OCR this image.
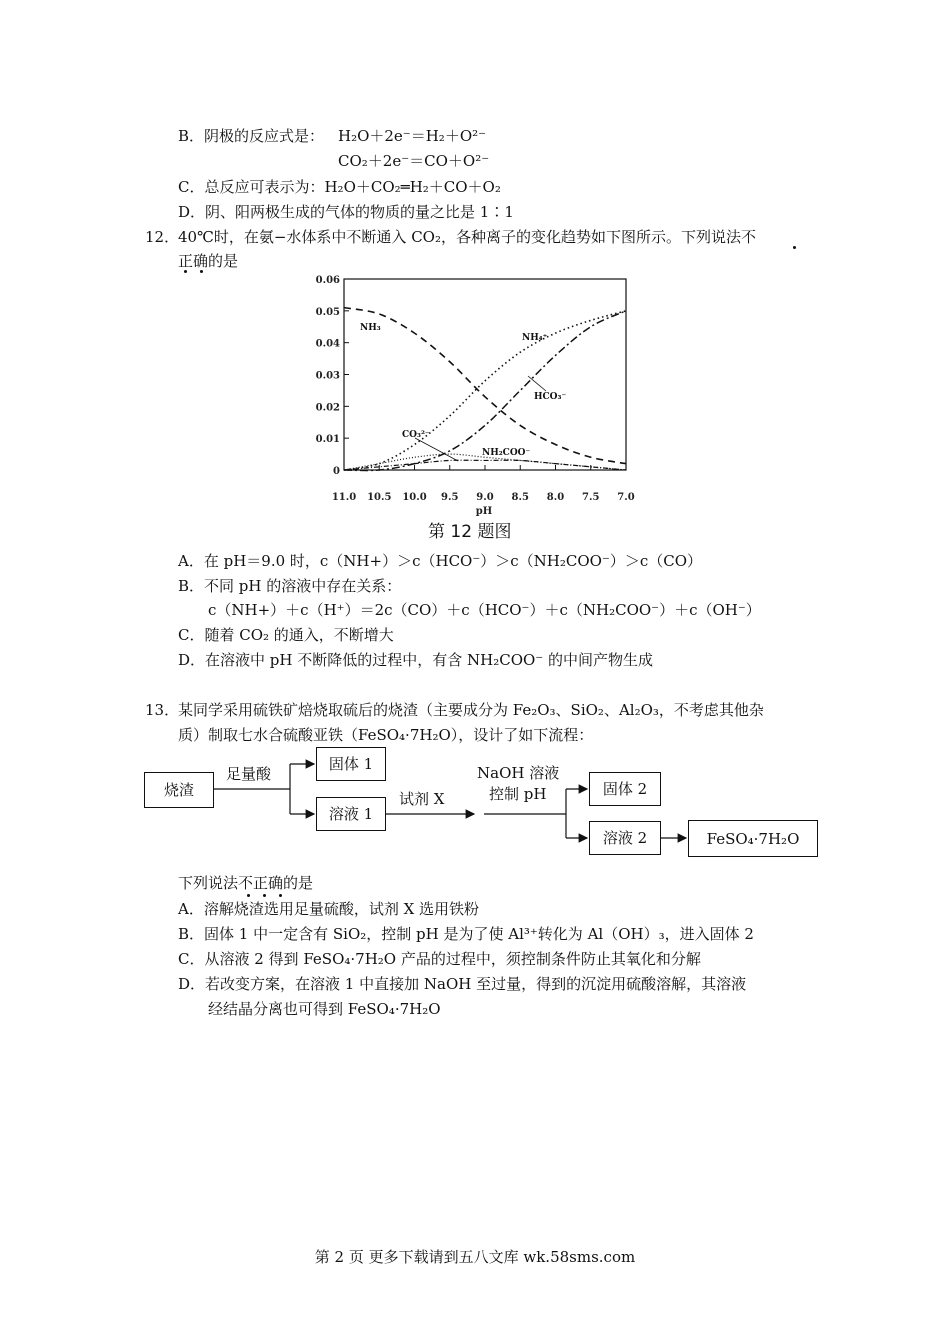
B．阴极的反应式是： H₂O＋2e⁻＝H₂＋O²⁻
CO₂＋2e⁻＝CO＋O²⁻
C．总反应可表示为：H₂O＋CO₂═H₂＋CO＋O₂
D．阴、阳两极生成的气体的物质的量之比是 1∶1
12．
40℃时，在氨−水体系中不断通入 CO₂，各种离子的变化趋势如下图所示。下列说法不
正确的是
0
0.01
0.02
0.03
0.04
0.05
0.06
11.0 10.5 10.0 9.5 9.0 8.5 8.0 7.5 7.0
pH
NH₃
NH₄⁺
HCO₃⁻
CO₃²⁻
NH₂COO⁻
第 12 题图
A．在 pH＝9.0 时，c（NH+）＞c（HCO⁻）＞c（NH₂COO⁻）＞c（CO）
B．不同 pH 的溶液中存在关系：
c（NH+）＋c（H⁺）＝2c（CO）＋c（HCO⁻）＋c（NH₂COO⁻）＋c（OH⁻）
C．随着 CO₂ 的通入，不断增大
D．在溶液中 pH 不断降低的过程中，有含 NH₂COO⁻ 的中间产物生成
13．
某同学采用硫铁矿焙烧取硫后的烧渣（主要成分为 Fe₂O₃、SiO₂、Al₂O₃，不考虑其他杂
质）制取七水合硫酸亚铁（FeSO₄·7H₂O），设计了如下流程：
烧渣
足量酸
固体 1
溶液 1
试剂 X
NaOH 溶液
控制 pH	固体 2
溶液 2	FeSO₄·7H₂O
下列说法不正确的是
A．溶解烧渣选用足量硫酸，试剂 X 选用铁粉
B．固体 1 中一定含有 SiO₂，控制 pH 是为了使 Al³⁺转化为 Al（OH）₃，进入固体 2
C．从溶液 2 得到 FeSO₄·7H₂O 产品的过程中，须控制条件防止其氧化和分解
D．若改变方案，在溶液 1 中直接加 NaOH 至过量，得到的沉淀用硫酸溶解，其溶液
经结晶分离也可得到 FeSO₄·7H₂O
第 2 页 更多下载请到五八文库 wk.58sms.com
